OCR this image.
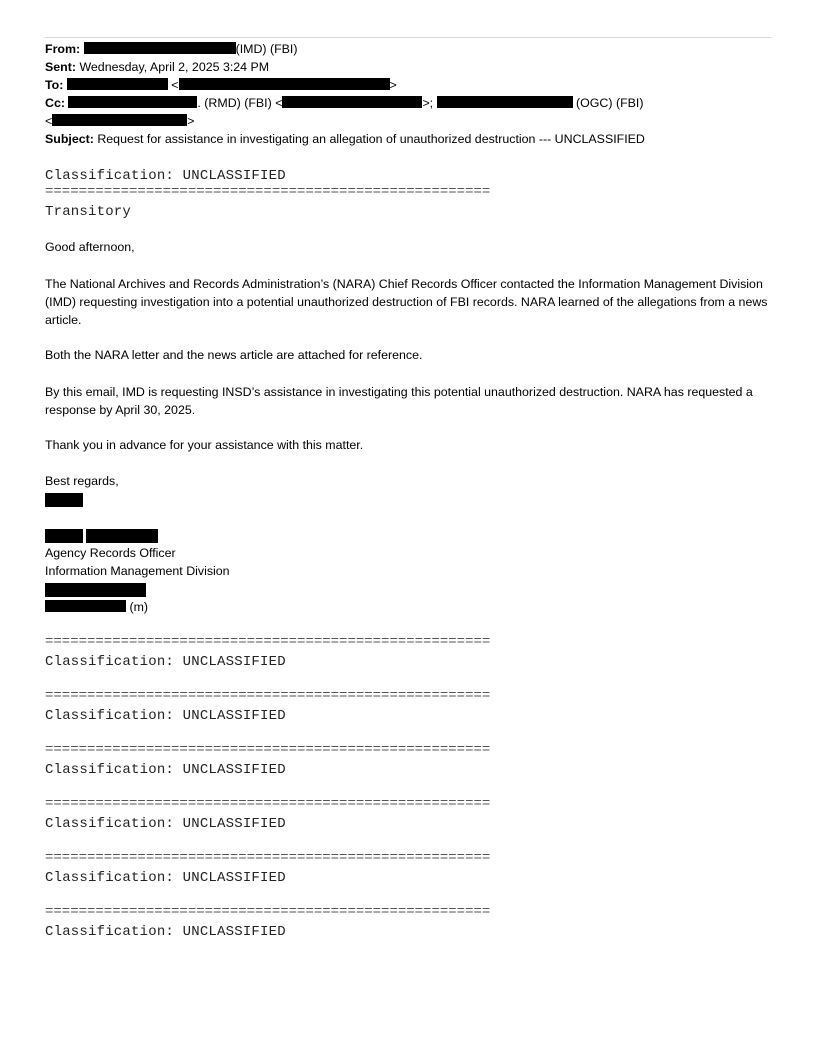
From:	(IMD) (FBI)
Sent: Wednesday, April 2, 2025 3:24 PM
To:	<	>
Cc:	. (RMD) (FBI) <	>;	(OGC) (FBI)
<	>
Subject: Request for assistance in investigating an allegation of unauthorized destruction --- UNCLASSIFIED
Classification: UNCLASSIFIED
=====================================================
Transitory
Good afternoon,
The National Archives and Records Administration’s (NARA) Chief Records Officer contacted the Information Management Division (IMD) requesting investigation into a potential unauthorized destruction of FBI records. NARA learned of the allegations from a news article.
Both the NARA letter and the news article are attached for reference.
By this email, IMD is requesting INSD’s assistance in investigating this potential unauthorized destruction. NARA has requested a response by April 30, 2025.
Thank you in advance for your assistance with this matter.
Best regards,
Agency Records Officer
Information Management Division
(m)
=====================================================
Classification: UNCLASSIFIED
=====================================================
Classification: UNCLASSIFIED
=====================================================
Classification: UNCLASSIFIED
=====================================================
Classification: UNCLASSIFIED
=====================================================
Classification: UNCLASSIFIED
=====================================================
Classification: UNCLASSIFIED
